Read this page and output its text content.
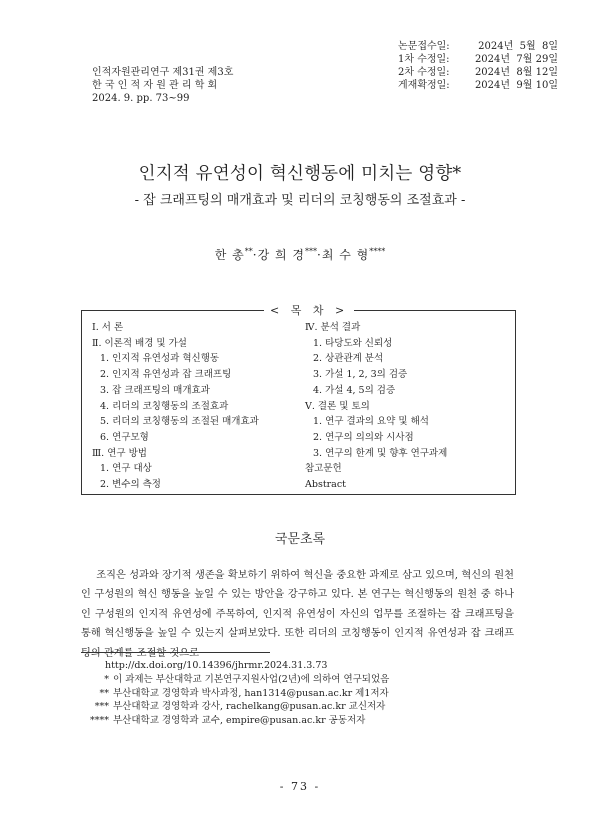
인적자원관리연구 제31권 제3호
한 국 인 적 자 원 관 리 학 회
2024. 9. pp. 73~99
논문접수일:	2024년  5월  8일
1차 수정일:	2024년  7월 29일
2차 수정일:	2024년  8월 12일
게재확정일:	2024년  9월 10일
인지적 유연성이 혁신행동에 미치는 영향*
- 잡 크래프팅의 매개효과 및 리더의 코칭행동의 조절효과 -
한 총**·강 희 경***·최 수 형****
< 목 차 >
Ⅰ. 서 론
Ⅱ. 이론적 배경 및 가설
1. 인지적 유연성과 혁신행동
2. 인지적 유연성과 잡 크래프팅
3. 잡 크래프팅의 매개효과
4. 리더의 코칭행동의 조절효과
5. 리더의 코칭행동의 조절된 매개효과
6. 연구모형
Ⅲ. 연구 방법
1. 연구 대상
2. 변수의 측정
Ⅳ. 분석 결과
1. 타당도와 신뢰성
2. 상관관계 분석
3. 가설 1, 2, 3의 검증
4. 가설 4, 5의 검증
Ⅴ. 결론 및 토의
1. 연구 결과의 요약 및 해석
2. 연구의 의의와 시사점
3. 연구의 한계 및 향후 연구과제
참고문헌
Abstract
국문초록
조직은 성과와 장기적 생존을 확보하기 위하여 혁신을 중요한 과제로 삼고 있으며, 혁신의 원천인 구성원의 혁신 행동을 높일 수 있는 방안을 강구하고 있다. 본 연구는 혁신행동의 원천 중 하나인 구성원의 인지적 유연성에 주목하여, 인지적 유연성이 자신의 업무를 조절하는 잡 크래프팅을 통해 혁신행동을 높일 수 있는지 살펴보았다. 또한 리더의 코칭행동이 인지적 유연성과 잡 크래프팅의 관계를 조절할 것으로
http://dx.doi.org/10.14396/jhrmr.2024.31.3.73
* 이 과제는 부산대학교 기본연구지원사업(2년)에 의하여 연구되었음
** 부산대학교 경영학과 박사과정, han1314@pusan.ac.kr 제1저자
*** 부산대학교 경영학과 강사, rachelkang@pusan.ac.kr 교신저자
**** 부산대학교 경영학과 교수, empire@pusan.ac.kr 공동저자
- 73 -
